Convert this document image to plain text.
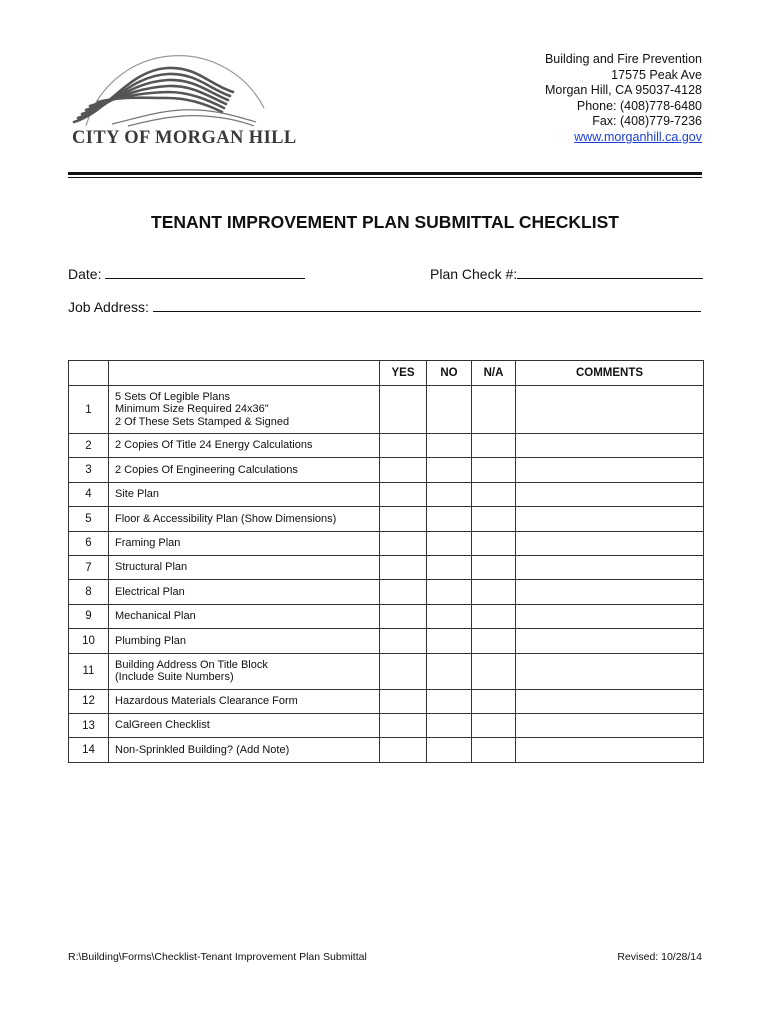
CITY OF MORGAN HILL
Building and Fire Prevention
17575 Peak Ave
Morgan Hill, CA 95037-4128
Phone: (408)778-6480
Fax: (408)779-7236
www.morganhill.ca.gov
TENANT IMPROVEMENT PLAN SUBMITTAL CHECKLIST
Date:	Plan Check #:
Job Address:
		YES	NO	N/A	COMMENTS
1	5 Sets Of Legible Plans
Minimum Size Required 24x36"
2 Of These Sets Stamped & Signed				

2	2 Copies Of Title 24 Energy Calculations				

3	2 Copies Of Engineering Calculations				

4	Site Plan				

5	Floor & Accessibility Plan (Show Dimensions)				

6	Framing Plan				

7	Structural Plan				

8	Electrical Plan				

9	Mechanical Plan				

10	Plumbing Plan				

11	Building Address On Title Block
(Include Suite Numbers)				

12	Hazardous Materials Clearance Form				

13	CalGreen Checklist				

14	Non-Sprinkled Building? (Add Note)				

R:\Building\Forms\Checklist-Tenant Improvement Plan Submittal	Revised: 10/28/14
